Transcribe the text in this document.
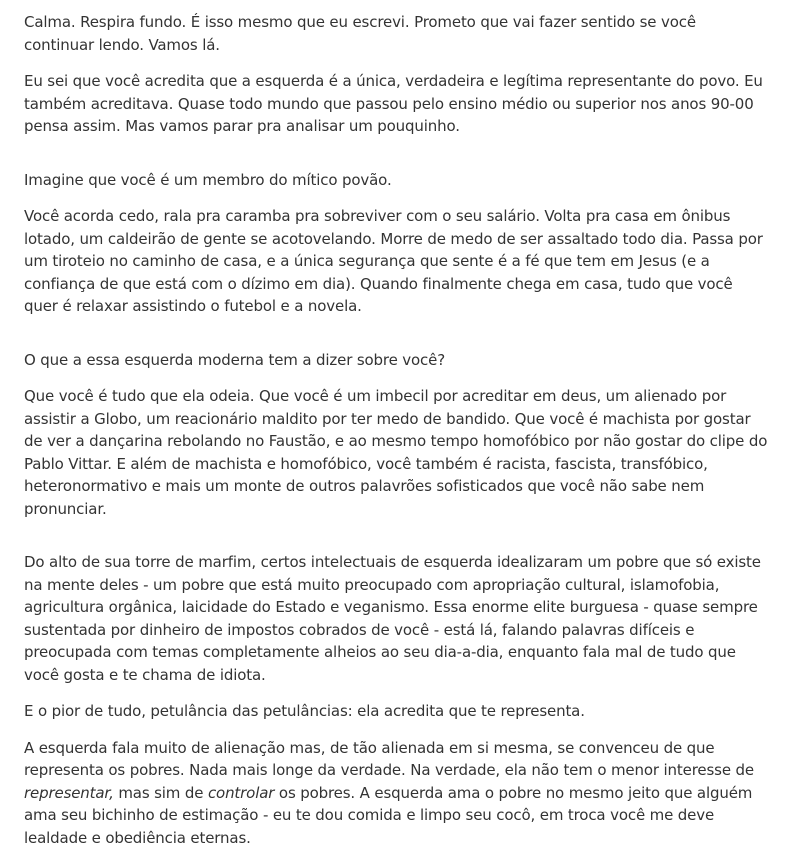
Calma. Respira fundo. É isso mesmo que eu escrevi. Prometo que vai fazer sentido se você continuar lendo. Vamos lá.

Eu sei que você acredita que a esquerda é a única, verdadeira e legítima representante do povo. Eu também acreditava. Quase todo mundo que passou pelo ensino médio ou superior nos anos 90-00 pensa assim. Mas vamos parar pra analisar um pouquinho.

Imagine que você é um membro do mítico povão.

Você acorda cedo, rala pra caramba pra sobreviver com o seu salário. Volta pra casa em ônibus lotado, um caldeirão de gente se acotovelando. Morre de medo de ser assaltado todo dia. Passa por um tiroteio no caminho de casa, e a única segurança que sente é a fé que tem em Jesus (e a confiança de que está com o dízimo em dia). Quando finalmente chega em casa, tudo que você quer é relaxar assistindo o futebol e a novela.

O que a essa esquerda moderna tem a dizer sobre você?

Que você é tudo que ela odeia. Que você é um imbecil por acreditar em deus, um alienado por assistir a Globo, um reacionário maldito por ter medo de bandido. Que você é machista por gostar de ver a dançarina rebolando no Faustão, e ao mesmo tempo homofóbico por não gostar do clipe do Pablo Vittar. E além de machista e homofóbico, você também é racista, fascista, transfóbico, heteronormativo e mais um monte de outros palavrões sofisticados que você não sabe nem pronunciar.

Do alto de sua torre de marfim, certos intelectuais de esquerda idealizaram um pobre que só existe na mente deles - um pobre que está muito preocupado com apropriação cultural, islamofobia, agricultura orgânica, laicidade do Estado e veganismo. Essa enorme elite burguesa - quase sempre sustentada por dinheiro de impostos cobrados de você - está lá, falando palavras difíceis e preocupada com temas completamente alheios ao seu dia-a-dia, enquanto fala mal de tudo que você gosta e te chama de idiota.

E o pior de tudo, petulância das petulâncias: ela acredita que te representa.

A esquerda fala muito de alienação mas, de tão alienada em si mesma, se convenceu de que representa os pobres. Nada mais longe da verdade. Na verdade, ela não tem o menor interesse de representar, mas sim de controlar os pobres. A esquerda ama o pobre no mesmo jeito que alguém ama seu bichinho de estimação - eu te dou comida e limpo seu cocô, em troca você me deve lealdade e obediência eternas.
